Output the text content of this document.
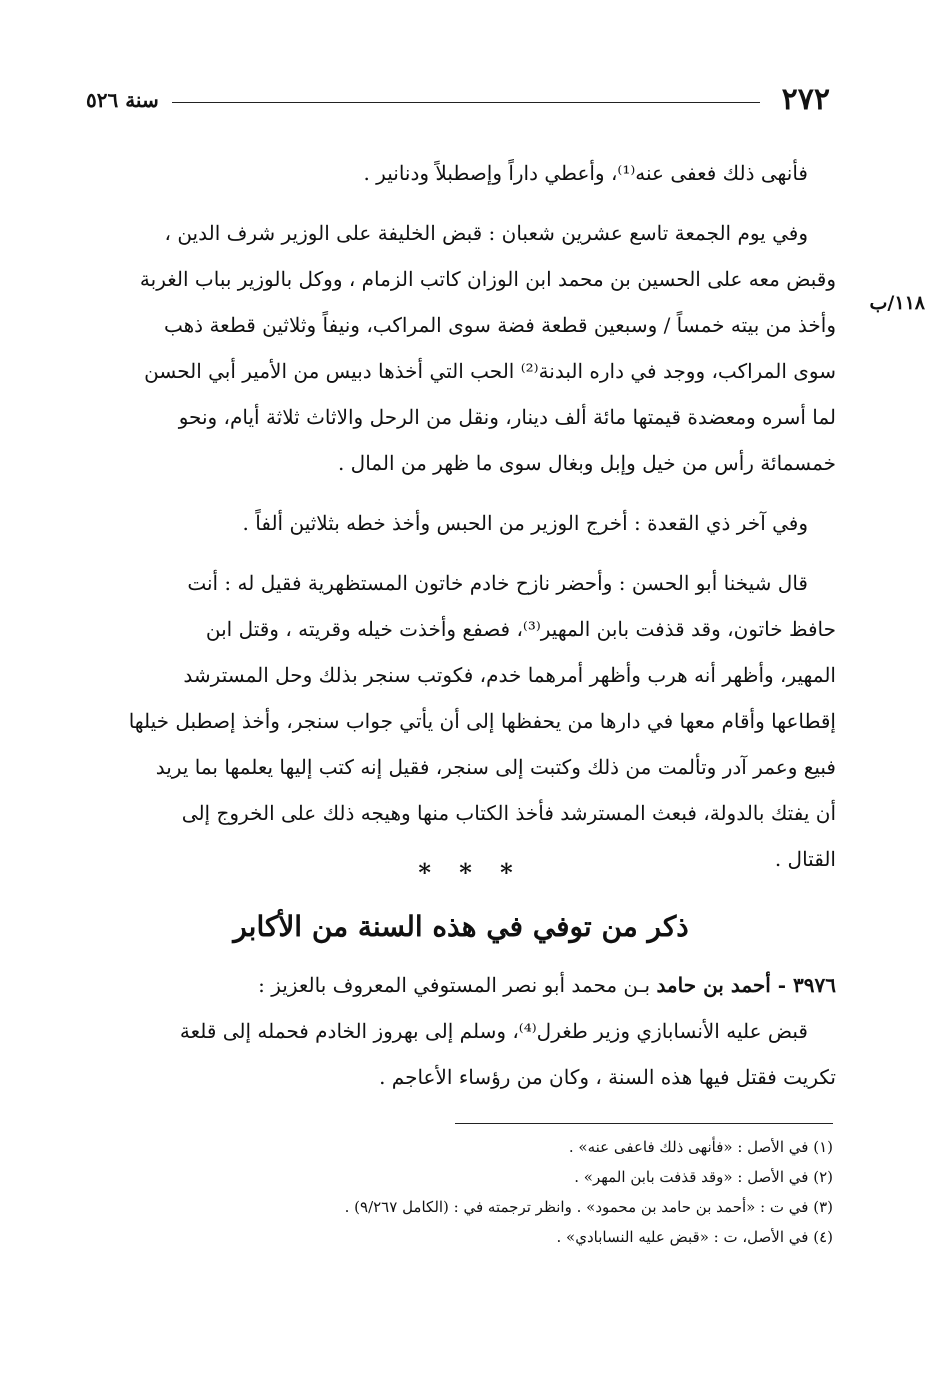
٢٧٢
سنة ٥٢٦
١١٨/ب
فأنهى ذلك فعفى عنه⁽¹⁾، وأعطي داراً وإصطبلاً ودنانير .
وفي يوم الجمعة تاسع عشرين شعبان : قبض الخليفة على الوزير شرف الدين ،
وقبض معه على الحسين بن محمد ابن الوزان كاتب الزمام ، ووكل بالوزير بباب الغربة
وأخذ من بيته خمساً / وسبعين قطعة فضة سوى المراكب، ونيفاً وثلاثين قطعة ذهب
سوى المراكب، ووجد في داره البدنة⁽²⁾ الحب التي أخذها دبيس من الأمير أبي الحسن
لما أسره ومعضدة قيمتها مائة ألف دينار، ونقل من الرحل والاثاث ثلاثة أيام، ونحو
خمسمائة رأس من خيل وإبل وبغال سوى ما ظهر من المال .
وفي آخر ذي القعدة : أخرج الوزير من الحبس وأخذ خطه بثلاثين ألفاً .
قال شيخنا أبو الحسن : وأحضر نازح خادم خاتون المستظهرية فقيل له : أنت
حافظ خاتون، وقد قذفت بابن المهير⁽³⁾، فصفع وأخذت خيله وقريته ، وقتل ابن
المهير، وأظهر أنه هرب وأظهر أمرهما خدم، فكوتب سنجر بذلك وحل المسترشد
إقطاعها وأقام معها في دارها من يحفظها إلى أن يأتي جواب سنجر، وأخذ إصطبل خيلها
فبيع وعمر آدر وتألمت من ذلك وكتبت إلى سنجر، فقيل إنه كتب إليها يعلمها بما يريد
أن يفتك بالدولة، فبعث المسترشد فأخذ الكتاب منها وهيجه ذلك على الخروج إلى
القتال .
* * *
ذكر من توفي في هذه السنة من الأكابر
٣٩٧٦ - أحمد بن حامد بـن محمد أبو نصر المستوفي المعروف بالعزيز :
قبض عليه الأنسابازي وزير طغرل⁽⁴⁾، وسلم إلى بهروز الخادم فحمله إلى قلعة
تكريت فقتل فيها هذه السنة ، وكان من رؤساء الأعاجم .
(١) في الأصل : «فأنهى ذلك فاعفى عنه» .
(٢) في الأصل : «وقد قذفت بابن المهر» .
(٣) في ت : «أحمد بن حامد بن محمود» . وانظر ترجمته في : (الكامل ٩/٢٦٧) .
(٤) في الأصل، ت : «قبض عليه النسابادي» .
